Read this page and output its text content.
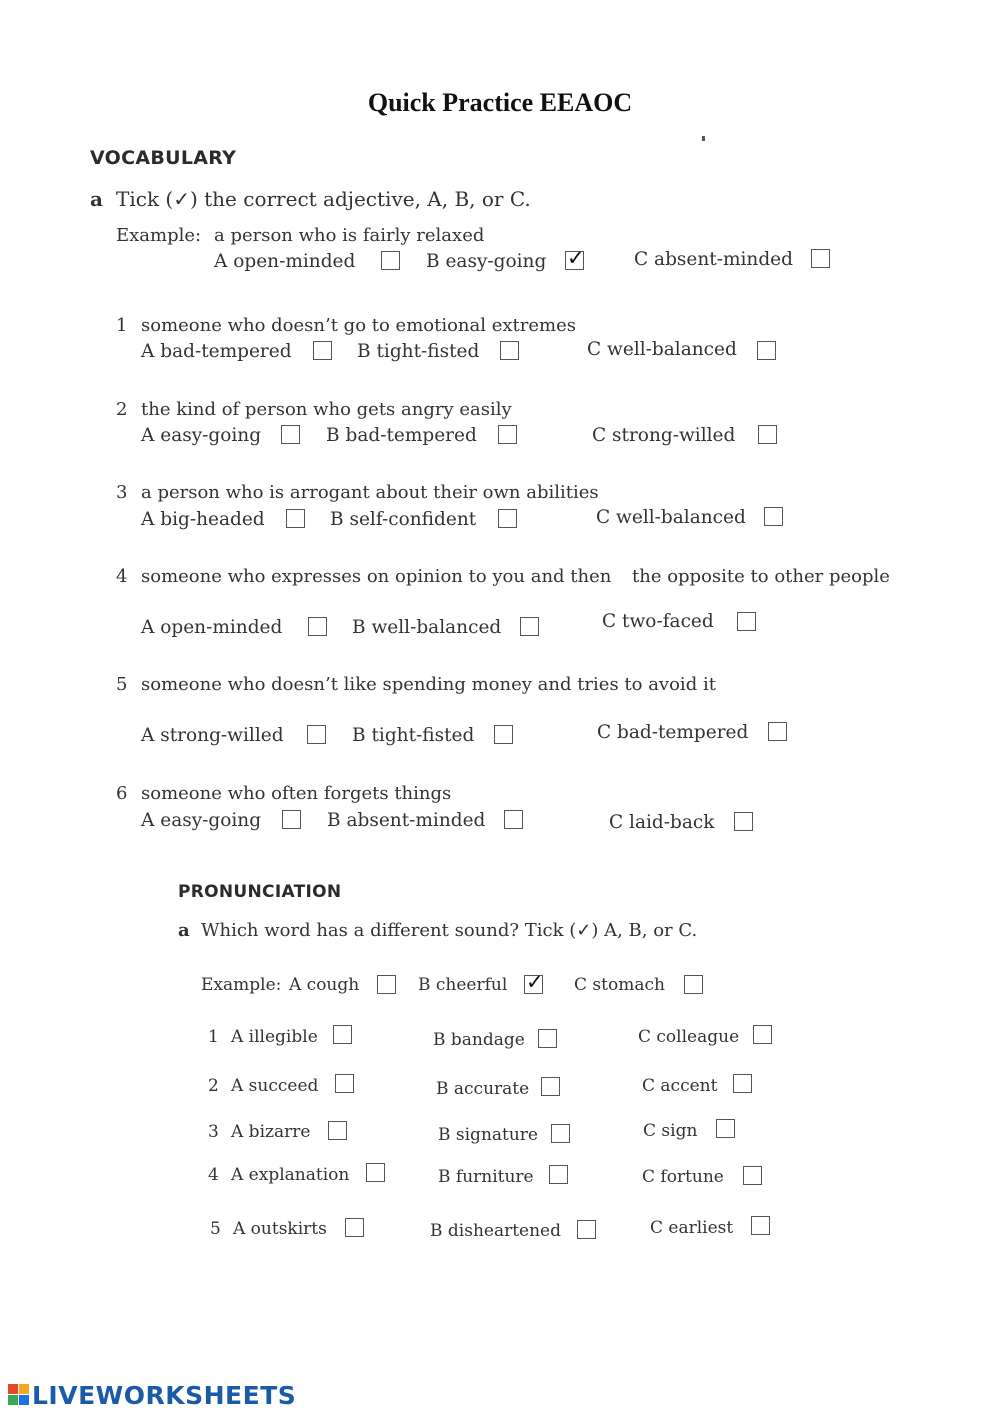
Quick Practice EEAOC
VOCABULARY
a Tick (✓) the correct adjective, A, B, or C.
Example: a person who is fairly relaxed
A open-minded	B easy-going ✓	C absent-minded
1 someone who doesn’t go to emotional extremes
A bad-tempered	B tight-fisted	C well-balanced
2 the kind of person who gets angry easily
A easy-going	B bad-tempered	C strong-willed
3 a person who is arrogant about their own abilities
A big-headed	B self-confident	C well-balanced
4 someone who expresses on opinion to you and then the opposite to other people
A open-minded	B well-balanced	C two-faced
5 someone who doesn’t like spending money and tries to avoid it
A strong-willed	B tight-fisted	C bad-tempered
6 someone who often forgets things
A easy-going	B absent-minded	C laid-back
PRONUNCIATION
a Which word has a different sound? Tick (✓) A, B, or C.
Example: A cough	B cheerful ✓	C stomach
1 A illegible	B bandage	C colleague
2 A succeed	B accurate	C accent
3 A bizarre	B signature	C sign
4 A explanation	B furniture	C fortune
5 A outskirts	B disheartened	C earliest
LIVEWORKSHEETS
